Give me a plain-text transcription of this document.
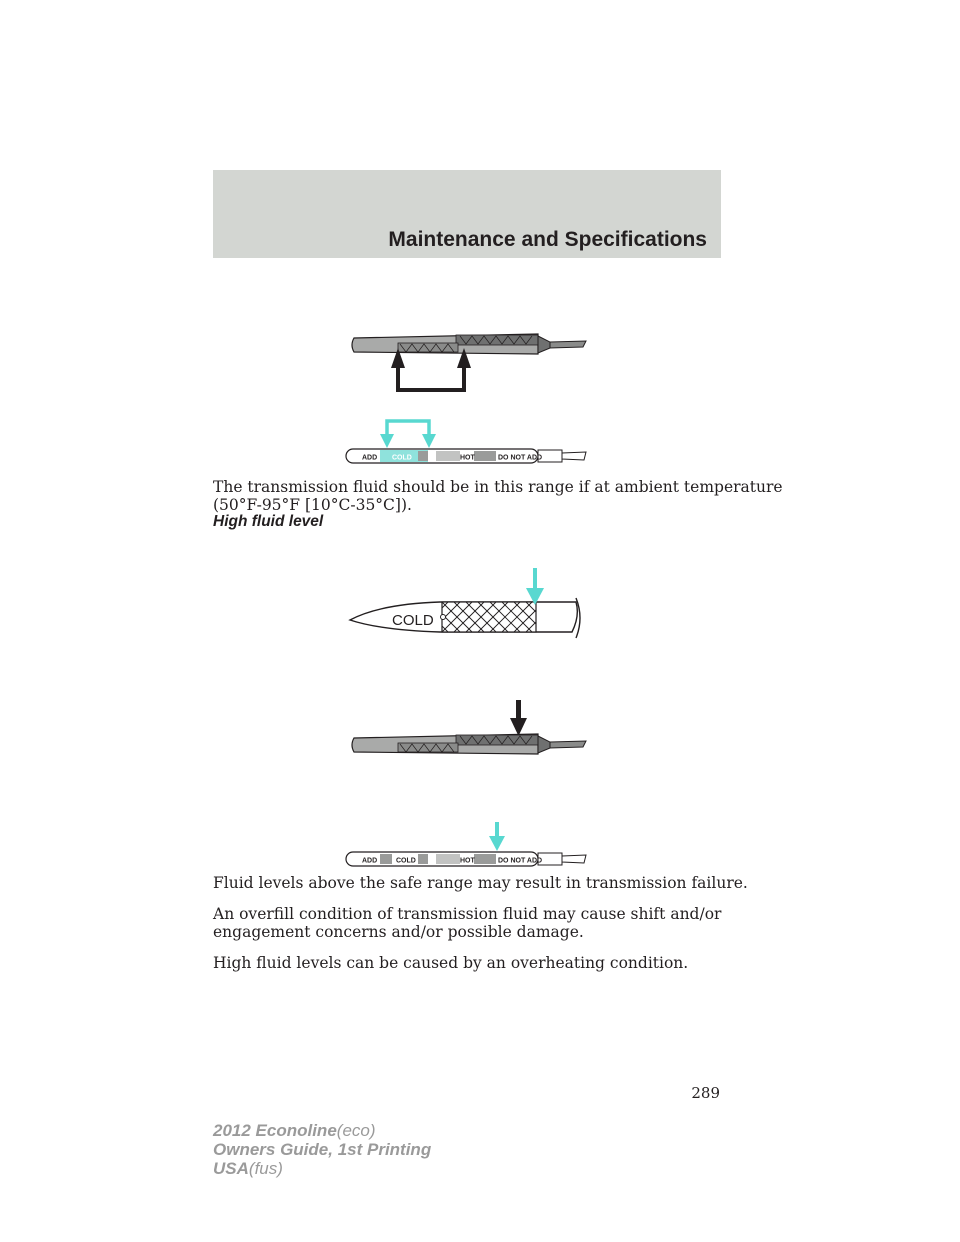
Maintenance and Specifications
ADD COLD	HOT	DO NOT ADD
The transmission fluid should be in this range if at ambient temperature
(50°F-95°F [10°C-35°C]).
High fluid level
COLD
ADD	COLD	HOT	DO NOT ADD
Fluid levels above the safe range may result in transmission failure.
An overfill condition of transmission fluid may cause shift and/or
engagement concerns and/or possible damage.
High fluid levels can be caused by an overheating condition.
289
2012 Econoline(eco)
Owners Guide, 1st Printing
USA(fus)
